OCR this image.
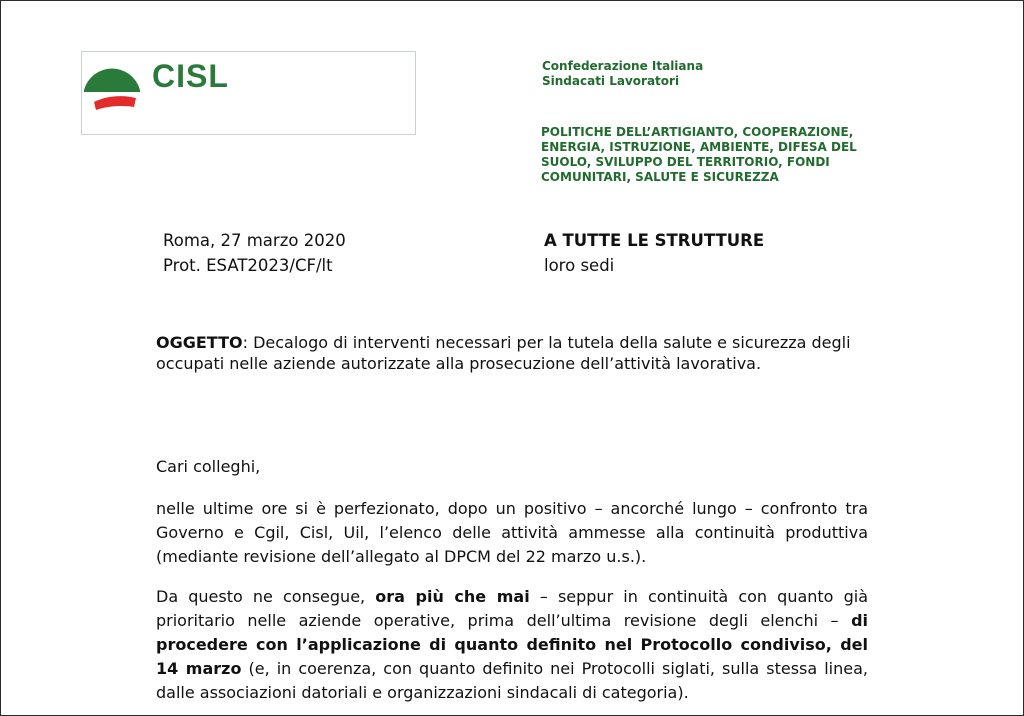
CISL	Confederazione Italiana
Sindacati Lavoratori
POLITICHE DELL’ARTIGIANTO, COOPERAZIONE,
ENERGIA, ISTRUZIONE, AMBIENTE, DIFESA DEL
SUOLO, SVILUPPO DEL TERRITORIO, FONDI
COMUNITARI, SALUTE E SICUREZZA
Roma, 27 marzo 2020
Prot. ESAT2023/CF/lt
A TUTTE LE STRUTTURE
loro sedi
OGGETTO: Decalogo di interventi necessari per la tutela della salute e sicurezza degli occupati nelle aziende autorizzate alla prosecuzione dell’attività lavorativa.
Cari colleghi,
nelle ultime ore si è perfezionato, dopo un positivo – ancorché lungo – confronto tra Governo e Cgil, Cisl, Uil, l’elenco delle attività ammesse alla continuità produttiva (mediante revisione dell’allegato al DPCM del 22 marzo u.s.).
Da questo ne consegue, ora più che mai – seppur in continuità con quanto già prioritario nelle aziende operative, prima dell’ultima revisione degli elenchi – di procedere con l’applicazione di quanto definito nel Protocollo condiviso, del 14 marzo (e, in coerenza, con quanto definito nei Protocolli siglati, sulla stessa linea, dalle associazioni datoriali e organizzazioni sindacali di categoria).
